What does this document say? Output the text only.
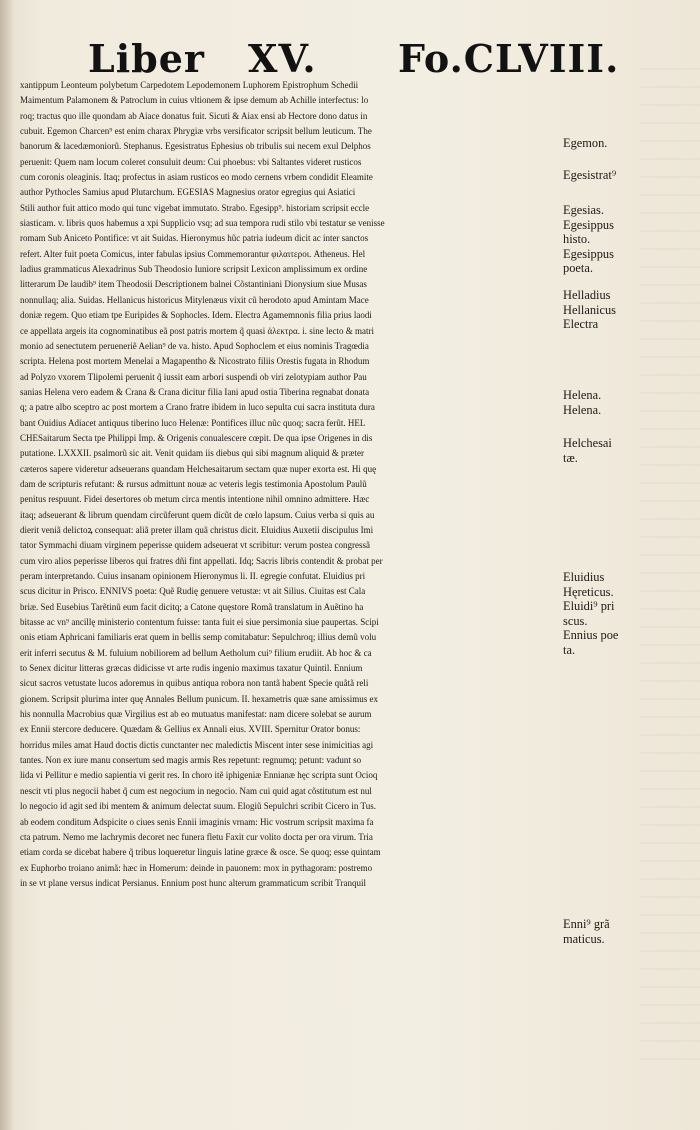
Liber XV. Fo.CLVIII.
xantippum Leonteum polybetum Carpedotem Lepodemonem Luphorem Epistrophum Schedii
Maimentum Palamonem & Patroclum in cuius vltionem & ipse demum ab Achille interfectus: lo
roq; tractus quo ille quondam ab Aiace donatus fuit. Sicuti & Aiax ensi ab Hectore dono datus in
cubuit. Egemon Charcen⁹ est enim charax Phrygiæ vrbs versificator scripsit bellum leuticum. The
banorum & lacedæmoniorũ. Stephanus. Egesistratus Ephesius ob tribulis sui necem exul Delphos
peruenit: Quem nam locum coleret consuluit deum: Cui phoebus: vbi Saltantes videret rusticos
cum coronis oleaginis. Itaq; profectus in asiam rusticos eo modo cernens vrbem condidit Eleamite
author Pythocles Samius apud Plutarchum. EGESIAS Magnesius orator egregius qui Asiatici
Stili author fuit attico modo qui tunc vigebat immutato. Strabo. Egesipp⁹. historiam scripsit eccle
siasticam. v. libris quos habemus a xpi Supplicio vsq; ad sua tempora rudi stilo vbi testatur se venisse
romam Sub Aniceto Pontifice: vt ait Suidas. Hieronymus hũc patria iudeum dicit ac inter sanctos
refert. Alter fuit poeta Comicus, inter fabulas ipsius Commemorantur φιλαιτεροι. Atheneus. Hel
ladius grammaticus Alexadrinus Sub Theodosio Iuniore scripsit Lexicon amplissimum ex ordine
litterarum De laudib⁹ item Theodosii Descriptionem balnei Cõstantiniani Dionysium siue Musas
nonnullaq; alia. Suidas. Hellanicus historicus Mitylenæus vixit cũ herodoto apud Amintam Mace
doniæ regem. Quo etiam tpe Euripides & Sophocles. Idem. Electra Agamemnonis filia prius laodi
ce appellata argeis ita cognominatibus eã post patris mortem q̃ quasi ἀλεκτρα. i. sine lecto & matri
monio ad senectutem perueneriẽ Aelian⁹ de va. histo. Apud Sophoclem et eius nominis Tragœdia
scripta. Helena post mortem Menelai a Magapentho & Nicostrato filiis Orestis fugata in Rhodum
ad Polyzo vxorem Tlipolemi peruenit q̃ iussit eam arbori suspendi ob viri zelotypiam author Pau
sanias Helena vero eadem & Crana & Crana dicitur filia Iani apud ostia Tiberina regnabat donata
q; a patre albo sceptro ac post mortem a Crano fratre ibidem in luco sepulta cui sacra instituta dura
bant Ouidius Adiacet antiquus tiberino luco Helenæ: Pontifices illuc nũc quoq; sacra ferũt. HEL
CHESaitarum Secta tpe Philippi Imp. & Origenis conualescere cœpit. De qua ipse Origenes in dis
putatione. LXXXII. psalmorũ sic ait. Venit quidam iis diebus qui sibi magnum aliquid & præter
cæteros sapere videretur adseuerans quandam Helchesaitarum sectam quæ nuper exorta est. Hi quę
dam de scripturis refutant: & rursus admittunt nouæ ac veteris legis testimonia Apostolum Paulũ
penitus respuunt. Fidei desertores ob metum circa mentis intentione nihil omnino admittere. Hæc
itaq; adseuerant & librum quendam circũferunt quem dicũt de cœlo lapsum. Cuius verba si quis au
dierit veniã delictoꝝ consequat: aliã preter illam quã christus dicit. Eluidius Auxetii discipulus Imi
tator Symmachi diuam virginem peperisse quidem adseuerat vt scribitur: verum postea congressã
cum viro alios peperisse liberos qui fratres dñi fint appellati. Idq; Sacris libris contendit & probat per
peram interpretando. Cuius insanam opinionem Hieronymus li. II. egregie confutat. Eluidius pri
scus dicitur in Prisco. ENNIVS poeta: Quẽ Rudię genuere vetustæ: vt ait Silius. Ciuitas est Cala
briæ. Sed Eusebius Tarẽtinũ eum facit dicitq; a Catone quęstore Romã translatum in Auẽtino ha
bitasse ac vn⁹ ancillę ministerio contentum fuisse: tanta fuit ei siue persimonia siue paupertas. Scipi
onis etiam Aphricani familiaris erat quem in bellis semp comitabatur: Sepulchroq; illius demũ volu
erit inferri secutus & M. fuluium nobiliorem ad bellum Aetholum cui⁹ filium erudiit. Ab hoc & ca
to Senex dicitur litteras græcas didicisse vt arte rudis ingenio maximus taxatur Quintil. Ennium
sicut sacros vetustate lucos adoremus in quibus antiqua robora non tantã habent Specie quãtã reli
gionem. Scripsit plurima inter quę Annales Bellum punicum. II. hexametris quæ sane amissimus ex
his nonnulla Macrobius quæ Virgilius est ab eo mutuatus manifestat: nam dicere solebat se aurum
ex Ennii stercore deducere. Quædam & Gellius ex Annali eius. XVIII. Spernitur Orator bonus:
horridus miles amat Haud doctis dictis cunctanter nec maledictis Miscent inter sese inimicitias agi
tantes. Non ex iure manu consertum sed magis armis Res repetunt: regnumq; petunt: vadunt so
lida vi Pellitur e medio sapientia vi gerit res. In choro itẽ iphigeniæ Ennianæ hęc scripta sunt Ocioq
nescit vti plus negocii habet q̃ cum est negocium in negocio. Nam cui quid agat cõstitutum est nul
lo negocio id agit sed ibi mentem & animum delectat suum. Elogiũ Sepulchri scribit Cicero in Tus.
ab eodem conditum Adspicite o ciues senis Ennii imaginis vrnam: Hic vostrum scripsit maxima fa
cta patrum. Nemo me lachrymis decoret nec funera fletu Faxit cur volito docta per ora virum. Tria
etiam corda se dicebat habere q̃ tribus loqueretur linguis latine græce & osce. Se quoq; esse quintam
ex Euphorbo troiano animã: hæc in Homerum: deinde in pauonem: mox in pythagoram: postremo
in se vt plane versus indicat Persianus. Ennium post hunc alterum grammaticum scribit Tranquil
Egemon.
Egesistrat⁹
Egesias.
Egesippus
histo.
Egesippus
poeta.
Helladius
Hellanicus
Electra
Helena.
Helena.
Helchesai
tæ.
Eluidius
Hęreticus.
Eluidi⁹ pri
scus.
Ennius poe
ta.
Enni⁹ grã
maticus.
